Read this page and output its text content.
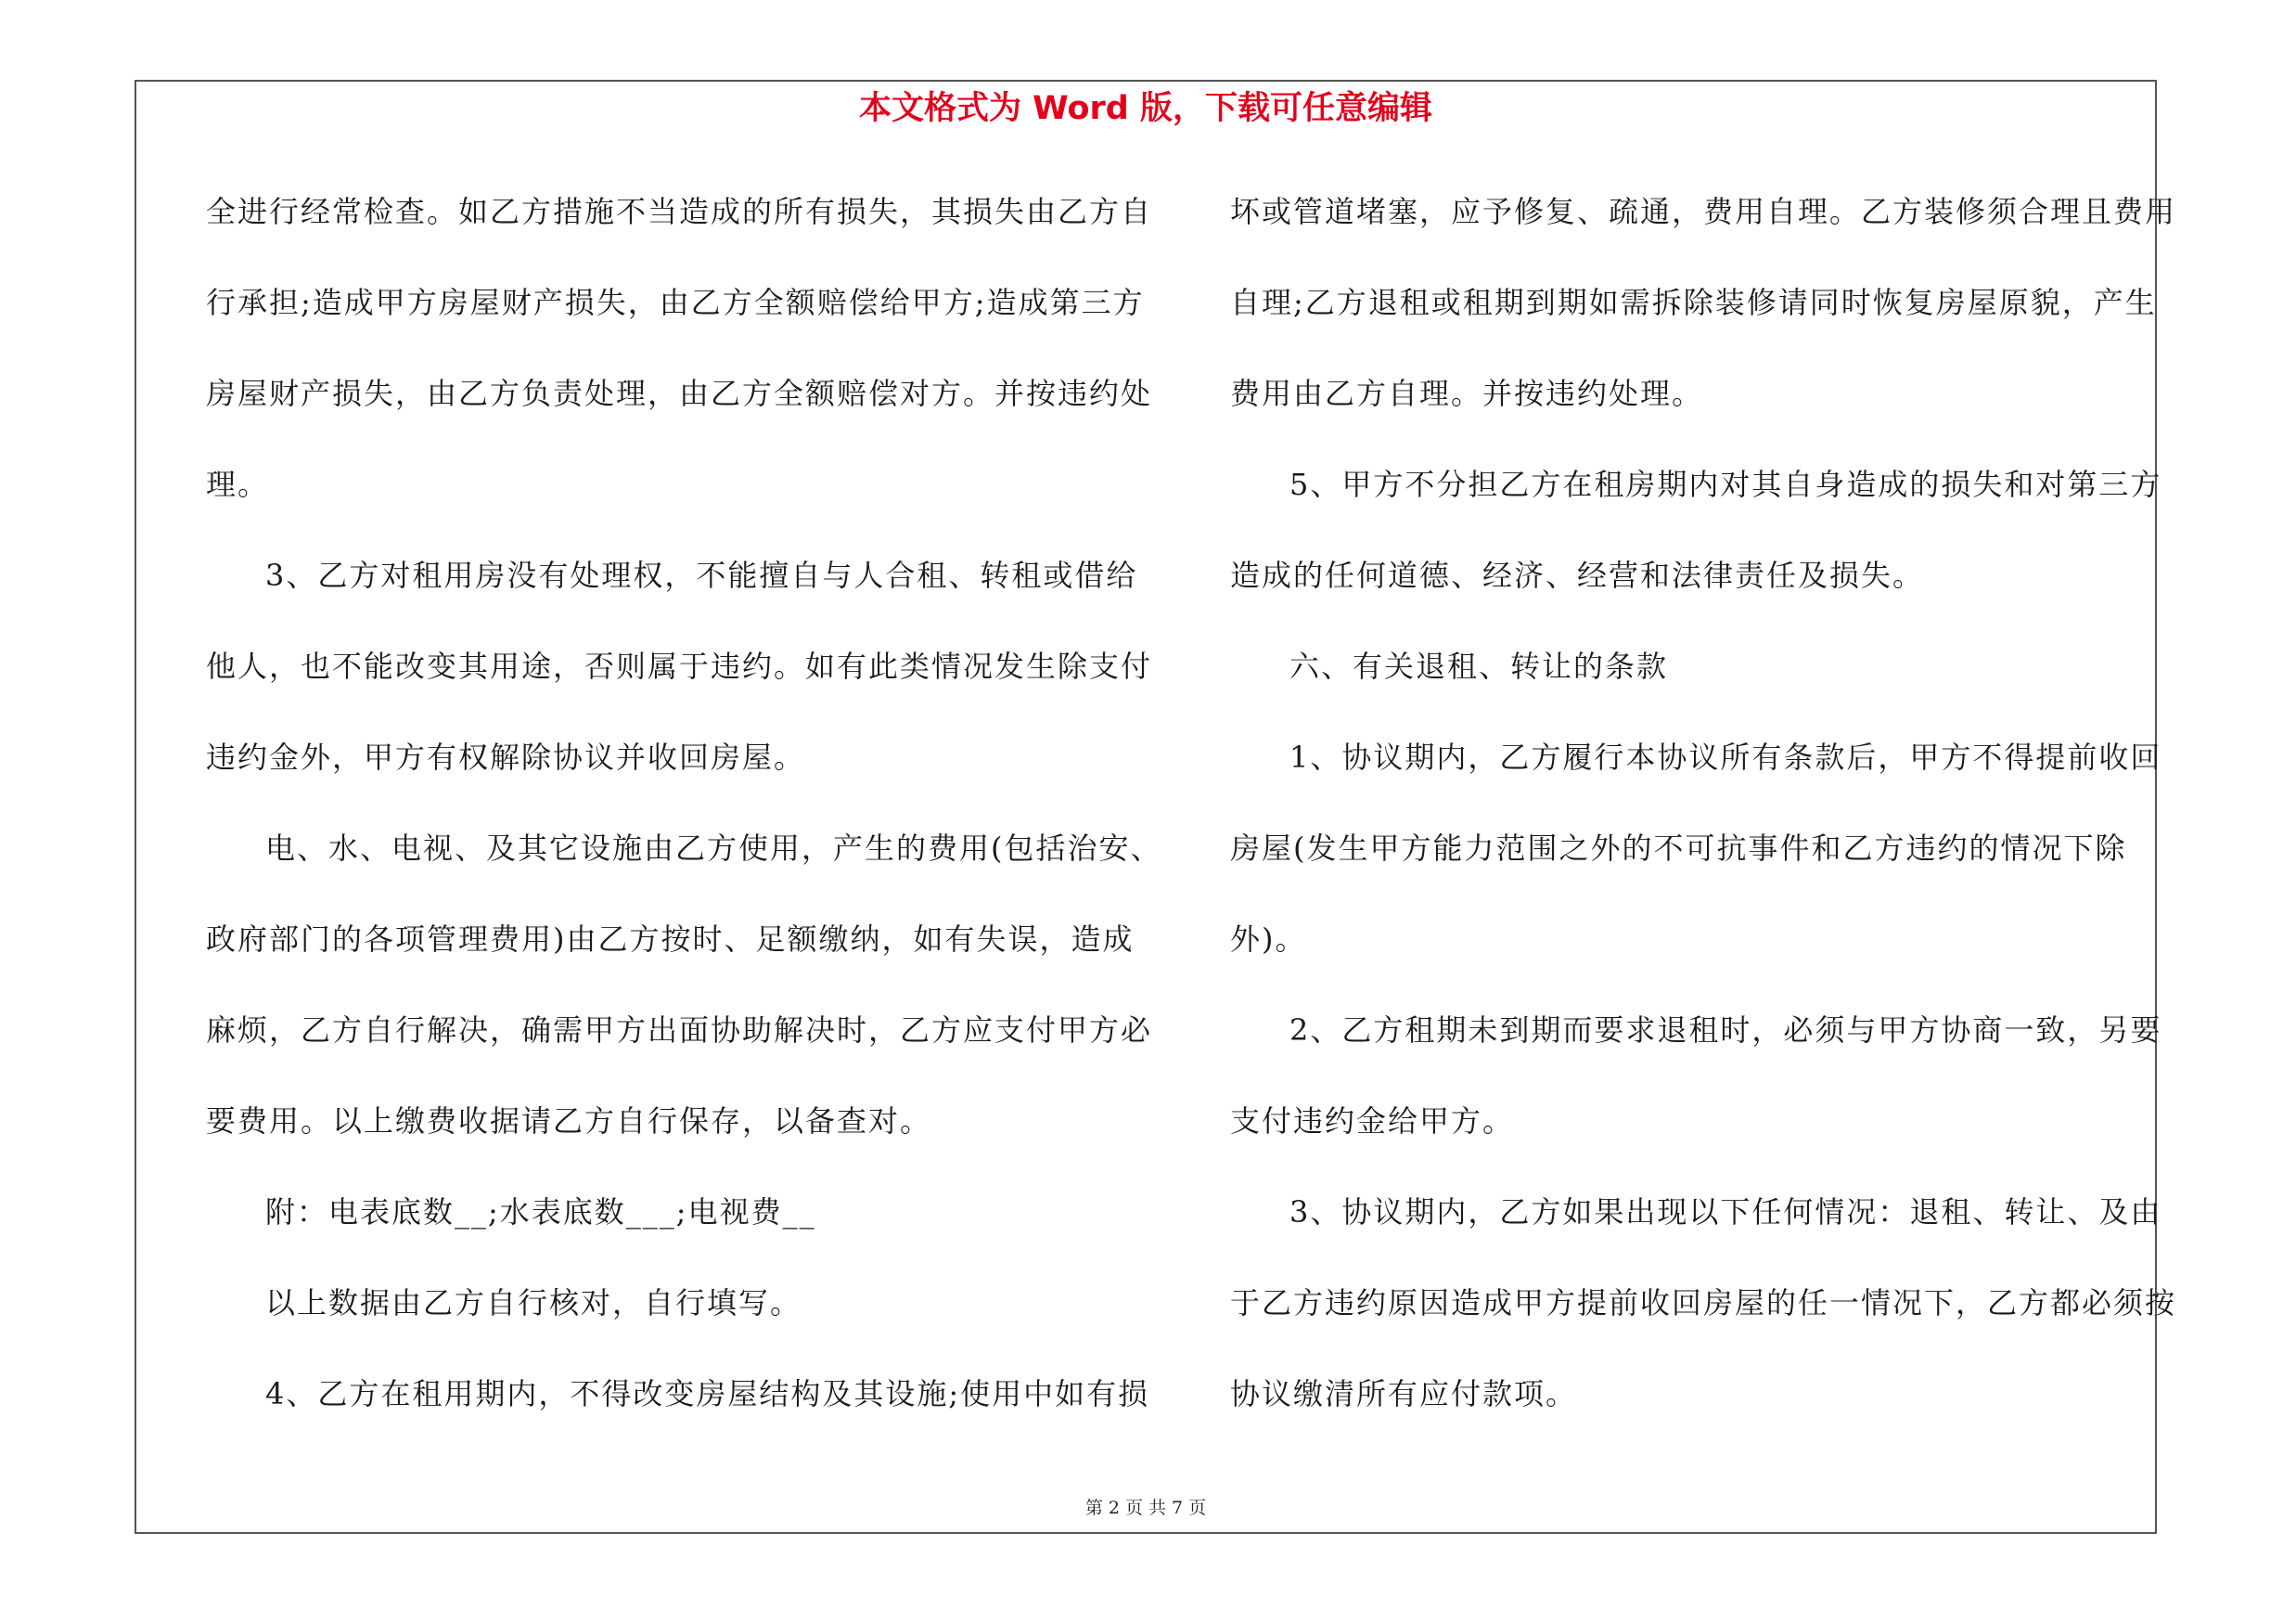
本文格式为 Word 版，下载可任意编辑
全进行经常检查。如乙方措施不当造成的所有损失，其损失由乙方自
行承担;造成甲方房屋财产损失，由乙方全额赔偿给甲方;造成第三方
房屋财产损失，由乙方负责处理，由乙方全额赔偿对方。并按违约处
理。
3、乙方对租用房没有处理权，不能擅自与人合租、转租或借给
他人，也不能改变其用途，否则属于违约。如有此类情况发生除支付
违约金外，甲方有权解除协议并收回房屋。
电、水、电视、及其它设施由乙方使用，产生的费用(包括治安、
政府部门的各项管理费用)由乙方按时、足额缴纳，如有失误，造成
麻烦，乙方自行解决，确需甲方出面协助解决时，乙方应支付甲方必
要费用。以上缴费收据请乙方自行保存，以备查对。
附：电表底数__;水表底数___;电视费__
以上数据由乙方自行核对，自行填写。
4、乙方在租用期内，不得改变房屋结构及其设施;使用中如有损
坏或管道堵塞，应予修复、疏通，费用自理。乙方装修须合理且费用
自理;乙方退租或租期到期如需拆除装修请同时恢复房屋原貌，产生
费用由乙方自理。并按违约处理。
5、甲方不分担乙方在租房期内对其自身造成的损失和对第三方
造成的任何道德、经济、经营和法律责任及损失。
六、有关退租、转让的条款
1、协议期内，乙方履行本协议所有条款后，甲方不得提前收回
房屋(发生甲方能力范围之外的不可抗事件和乙方违约的情况下除
外)。
2、乙方租期未到期而要求退租时，必须与甲方协商一致，另要
支付违约金给甲方。
3、协议期内，乙方如果出现以下任何情况：退租、转让、及由
于乙方违约原因造成甲方提前收回房屋的任一情况下，乙方都必须按
协议缴清所有应付款项。
第 2 页 共 7 页
